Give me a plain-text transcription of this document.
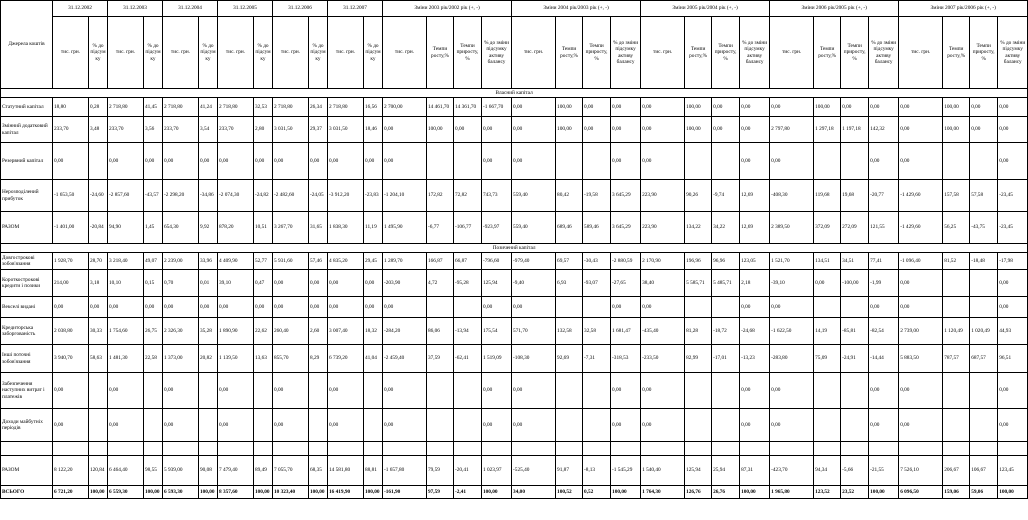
Джерела коштів	31.12.2002		31.12.2003		31.12.2004		31.12.2005		31.12.2006		31.12.2007		Зміни 2003 рік/2002 рік (+, -)				Зміни 2004 рік/2003 рік (+, -)				Зміни 2005 рік/2004 рік (+, -)				Зміни 2006 рік/2005 рік (+, -)				Зміни 2007 рік/2006 рік (+, -)			
	тис. грн.	% до підсумку	тис. грн.	% до підсумку	тис. грн.	% до підсумку	тис. грн.	% до підсумку	тис. грн.	% до підсумку	тис. грн.	% до підсумку	тис. грн.	Темпи росту,%	Темпи приросту,%	% до зміни підсумку активу балансу	тис. грн.	Темпи росту,%	Темпи приросту, %	% до зміни підсумку активу балансу	тис. грн.	Темпи росту,%	Темпи приросту,%	% до зміни підсумку активу балансу	тис. грн.	Темпи росту,%	Темпи приросту,%	% до зміни підсумку активу балансу	тис. грн.	Темпи росту,%	Темпи приросту,%	% до зміни підсумку активу балансу
Власний капітал																																
Статутний капітал	18,80	0,28	2 718,80	41,45	2 718,80	41,24	2 718,80	32,53	2 718,80	26,34	2 718,80	16,56	2 700,00	14 461,70	14 361,70	-1 667,70	0,00	100,00	0,00	0,00	0,00	100,00	0,00	0,00	0,00	100,00	0,00	0,00	0,00	100,00	0,00	0,00
Змінний додатковий капітал	233,70	3,48	233,70	3,56	233,70	3,54	233,70	2,80	3 031,50	29,37	3 031,50	18,46	0,00	100,00	0,00	0,00	0,00	100,00	0,00	0,00	0,00	100,00	0,00	0,00	2 797,80	1 297,18	1 197,18	142,32	0,00	100,00	0,00	0,00
Резервний капітал	0,00		0,00	0,00	0,00	0,00	0,00	0,00	0,00	0,00	0,00	0,00	0,00			0,00	0,00			0,00	0,00			0,00	0,00			0,00	0,00			0,00
Нерозподілений прибуток	-1 653,50	-24,60	-2 857,60	-43,57	-2 298,20	-34,86	-2 074,30	-24,82	-2 482,60	-24,05	-3 912,20	-23,83	-1 204,10	172,82	72,82	743,73	559,40	80,42	-19,58	3 645,29	223,90	90,26	-9,74	12,69	-408,30	119,68	19,68	-20,77	-1 429,60	157,58	57,58	-23,45
РАЗОМ	-1 401,00	-20,84	94,90	1,45	654,30	9,92	878,20	10,51	3 267,70	31,65	1 838,30	11,19	1 495,90	-6,77	-106,77	-923,97	559,40	689,46	589,46	3 645,29	223,90	134,22	34,22	12,69	2 389,50	372,09	272,09	121,55	-1 429,60	56,25	-43,75	-23,45
Позичений капітал																																
Довгострокові зобов'язання	1 928,70	28,70	3 218,40	49,07	2 239,00	33,96	4 409,90	52,77	5 931,60	57,46	4 835,20	29,45	1 289,70	166,87	66,87	-796,60	-979,40	69,57	-30,43	-2 880,59	2 170,90	196,96	96,96	123,05	1 521,70	134,51	34,51	77,41	-1 096,40	81,52	-18,48	-17,98
Короткострокові кредити і позики	214,00	3,18	10,10	0,15	0,70	0,01	39,10	0,47	0,00	0,00	0,00	0,00	-203,90	4,72	-95,28	125,94	-9,40	6,93	-93,07	-27,65	38,40	5 585,71	5 485,71	2,18	-39,10	0,00	-100,00	-1,99	0,00			0,00
Векселі видані	0,00	0,00	0,00	0,00	0,00	0,00	0,00	0,00	0,00	0,00	0,00	0,00	0,00			0,00	0,00			0,00	0,00			0,00	0,00			0,00	0,00			0,00
Кредиторська заборгованість	2 038,80	30,33	1 754,60	26,75	2 326,30	35,28	1 890,90	22,62	260,40	2,60	3 007,40	18,32	-284,20	86,06	-13,94	175,54	571,70	132,58	32,58	1 681,47	-435,40	81,28	-18,72	-24,68	-1 622,50	14,19	-85,81	-82,54	2 739,00	1 120,49	1 020,49	44,93
Інші поточні зобов'язання	3 940,70	58,63	1 481,30	22,58	1 373,00	20,82	1 139,50	13,63	855,70	8,29	6 739,20	41,04	-2 459,40	37,59	-62,41	1 519,09	-108,30	92,69	-7,31	-318,53	-233,50	82,99	-17,01	-13,23	-283,80	75,09	-24,91	-14,44	5 883,50	787,57	687,57	96,51
Забезпечення наступних витрат і платежів	0,00		0,00		0,00		0,00		0,00		0,00		0,00			0,00	0,00			0,00	0,00			0,00	0,00			0,00	0,00			0,00
Доходи майбутніх періодів	0,00		0,00		0,00		0,00		0,00		0,00		0,00			0,00	0,00			0,00	0,00			0,00	0,00			0,00	0,00			0,00

РАЗОМ	8 122,20	120,84	6 464,40	98,55	5 939,00	90,08	7 479,40	89,49	7 055,70	68,35	14 581,80	88,81	-1 657,80	79,59	-20,41	1 023,97	-525,40	91,87	-8,13	-1 545,29	1 540,40	125,94	25,94	87,31	-423,70	94,34	-5,66	-21,55	7 526,10	206,67	106,67	123,45
ВСЬОГО	6 721,20	100,00	6 559,30	100,00	6 593,30	100,00	8 357,60	100,00	10 323,40	100,00	16 419,90	100,00	-161,90	97,59	-2,41	100,00	34,00	100,52	0,52	100,00	1 764,30	126,76	26,76	100,00	1 965,80	123,52	23,52	100,00	6 096,50	159,06	59,06	100,00
